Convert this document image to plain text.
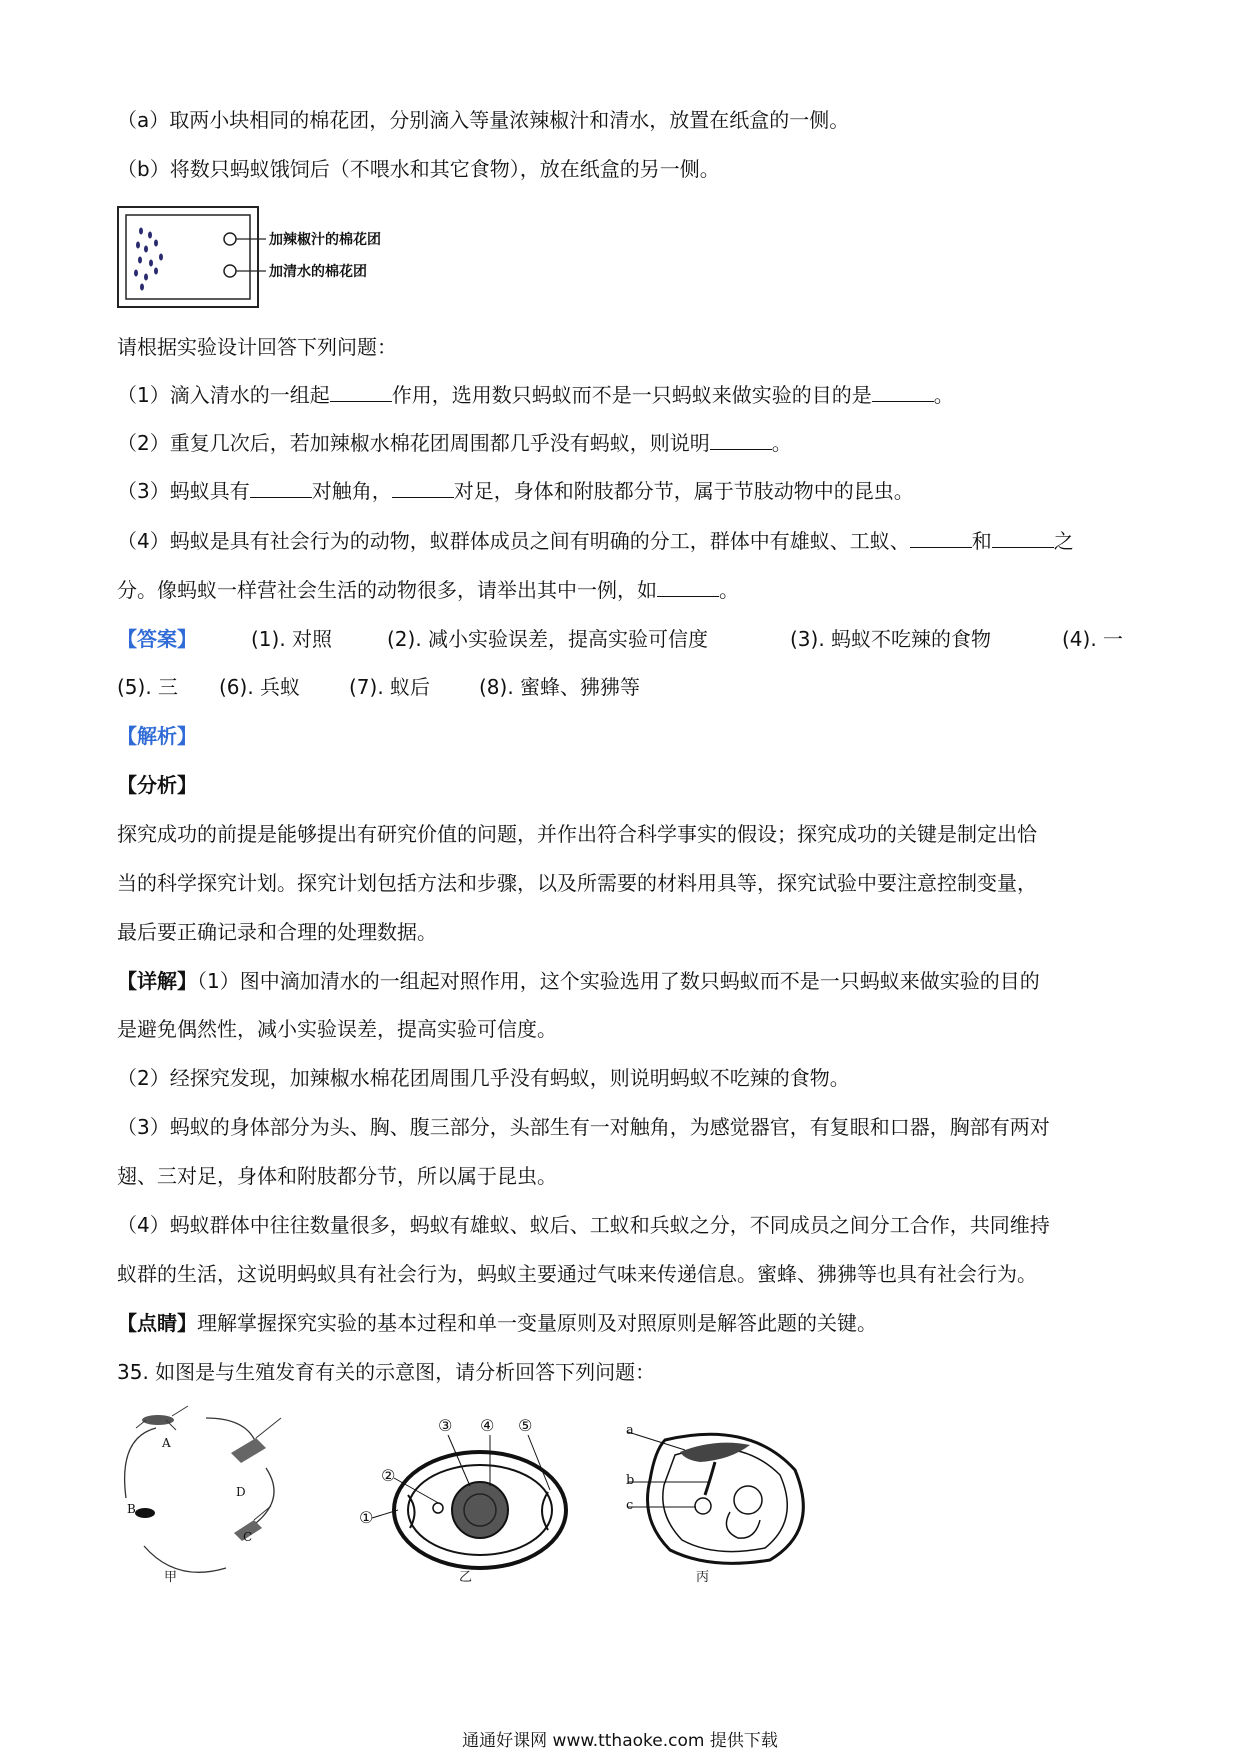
（a）取两小块相同的棉花团，分别滴入等量浓辣椒汁和清水，放置在纸盒的一侧。
（b）将数只蚂蚁饿饲后（不喂水和其它食物），放在纸盒的另一侧。
加辣椒汁的棉花团
加清水的棉花团
请根据实验设计回答下列问题：
（1）滴入清水的一组起	作用，选用数只蚂蚁而不是一只蚂蚁来做实验的目的是	。
（2）重复几次后，若加辣椒水棉花团周围都几乎没有蚂蚁，则说明	。
（3）蚂蚁具有	对触角，	对足，身体和附肢都分节，属于节肢动物中的昆虫。
（4）蚂蚁是具有社会行为的动物，蚁群体成员之间有明确的分工，群体中有雄蚁、工蚁、	和	之
分。像蚂蚁一样营社会生活的动物很多，请举出其中一例，如	。
【答案】	(1). 对照	(2). 减小实验误差，提高实验可信度	(3). 蚂蚁不吃辣的食物	(4). 一
(5). 三 (6). 兵蚁 (7). 蚁后 (8). 蜜蜂、狒狒等
【解析】
【分析】
探究成功的前提是能够提出有研究价值的问题，并作出符合科学事实的假设；探究成功的关键是制定出恰
当的科学探究计划。探究计划包括方法和步骤，以及所需要的材料用具等，探究试验中要注意控制变量，
最后要正确记录和合理的处理数据。
【详解】（1）图中滴加清水的一组起对照作用，这个实验选用了数只蚂蚁而不是一只蚂蚁来做实验的目的
是避免偶然性，减小实验误差，提高实验可信度。
（2）经探究发现，加辣椒水棉花团周围几乎没有蚂蚁，则说明蚂蚁不吃辣的食物。
（3）蚂蚁的身体部分为头、胸、腹三部分，头部生有一对触角，为感觉器官，有复眼和口器，胸部有两对
翅、三对足，身体和附肢都分节，所以属于昆虫。
（4）蚂蚁群体中往往数量很多，蚂蚁有雄蚁、蚁后、工蚁和兵蚁之分，不同成员之间分工合作，共同维持
蚁群的生活，这说明蚂蚁具有社会行为，蚂蚁主要通过气味来传递信息。蜜蜂、狒狒等也具有社会行为。
【点睛】理解掌握探究实验的基本过程和单一变量原则及对照原则是解答此题的关键。
35. 如图是与生殖发育有关的示意图，请分析回答下列问题：
A
B
C
D
甲
①
②
③ ④ ⑤
乙
a
b
c
丙
通通好课网 www.tthaoke.com 提供下载
